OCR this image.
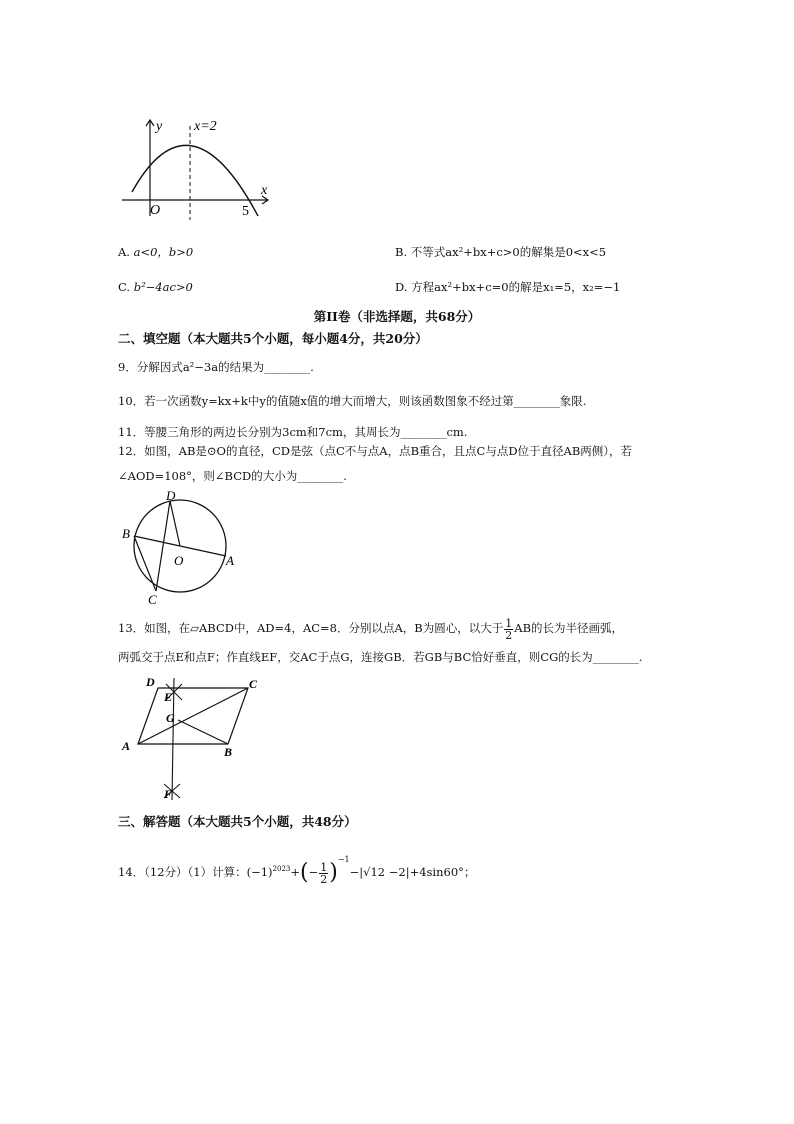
y
x
O
x=2
5
A. a<0，b>0	B. 不等式ax²+bx+c>0的解集是0<x<5
C. b²−4ac>0	D. 方程ax²+bx+c=0的解是x₁=5，x₂=−1
第II卷（非选择题，共68分）
二、填空题（本大题共5个小题，每小题4分，共20分）
9．分解因式a²−3a的结果为________.
10．若一次函数y=kx+k中y的值随x值的增大而增大，则该函数图象不经过第________象限.
11．等腰三角形的两边长分别为3cm和7cm，其周长为________cm.
12．如图，AB是⊙O的直径，CD是弦（点C不与点A，点B重合，且点C与点D位于直径AB两侧），若
∠AOD=108°，则∠BCD的大小为________.
D
B
O	A
C
13．如图，在▱ABCD中，AD=4，AC=8．分别以点A，B为圆心，以大于 $\frac{1}{2}$ AB的长为半径画弧，
两弧交于点E和点F；作直线EF，交AC于点G，连接GB．若GB与BC恰好垂直，则CG的长为________.
D
E
C
G
A	B
F
三、解答题（本大题共5个小题，共48分）
14．（12分）（1）计算：$(-1)^{2023}+(- \frac{1}{2} )^{-1}-|√12 -2|+4\sin 60^\circ$；
